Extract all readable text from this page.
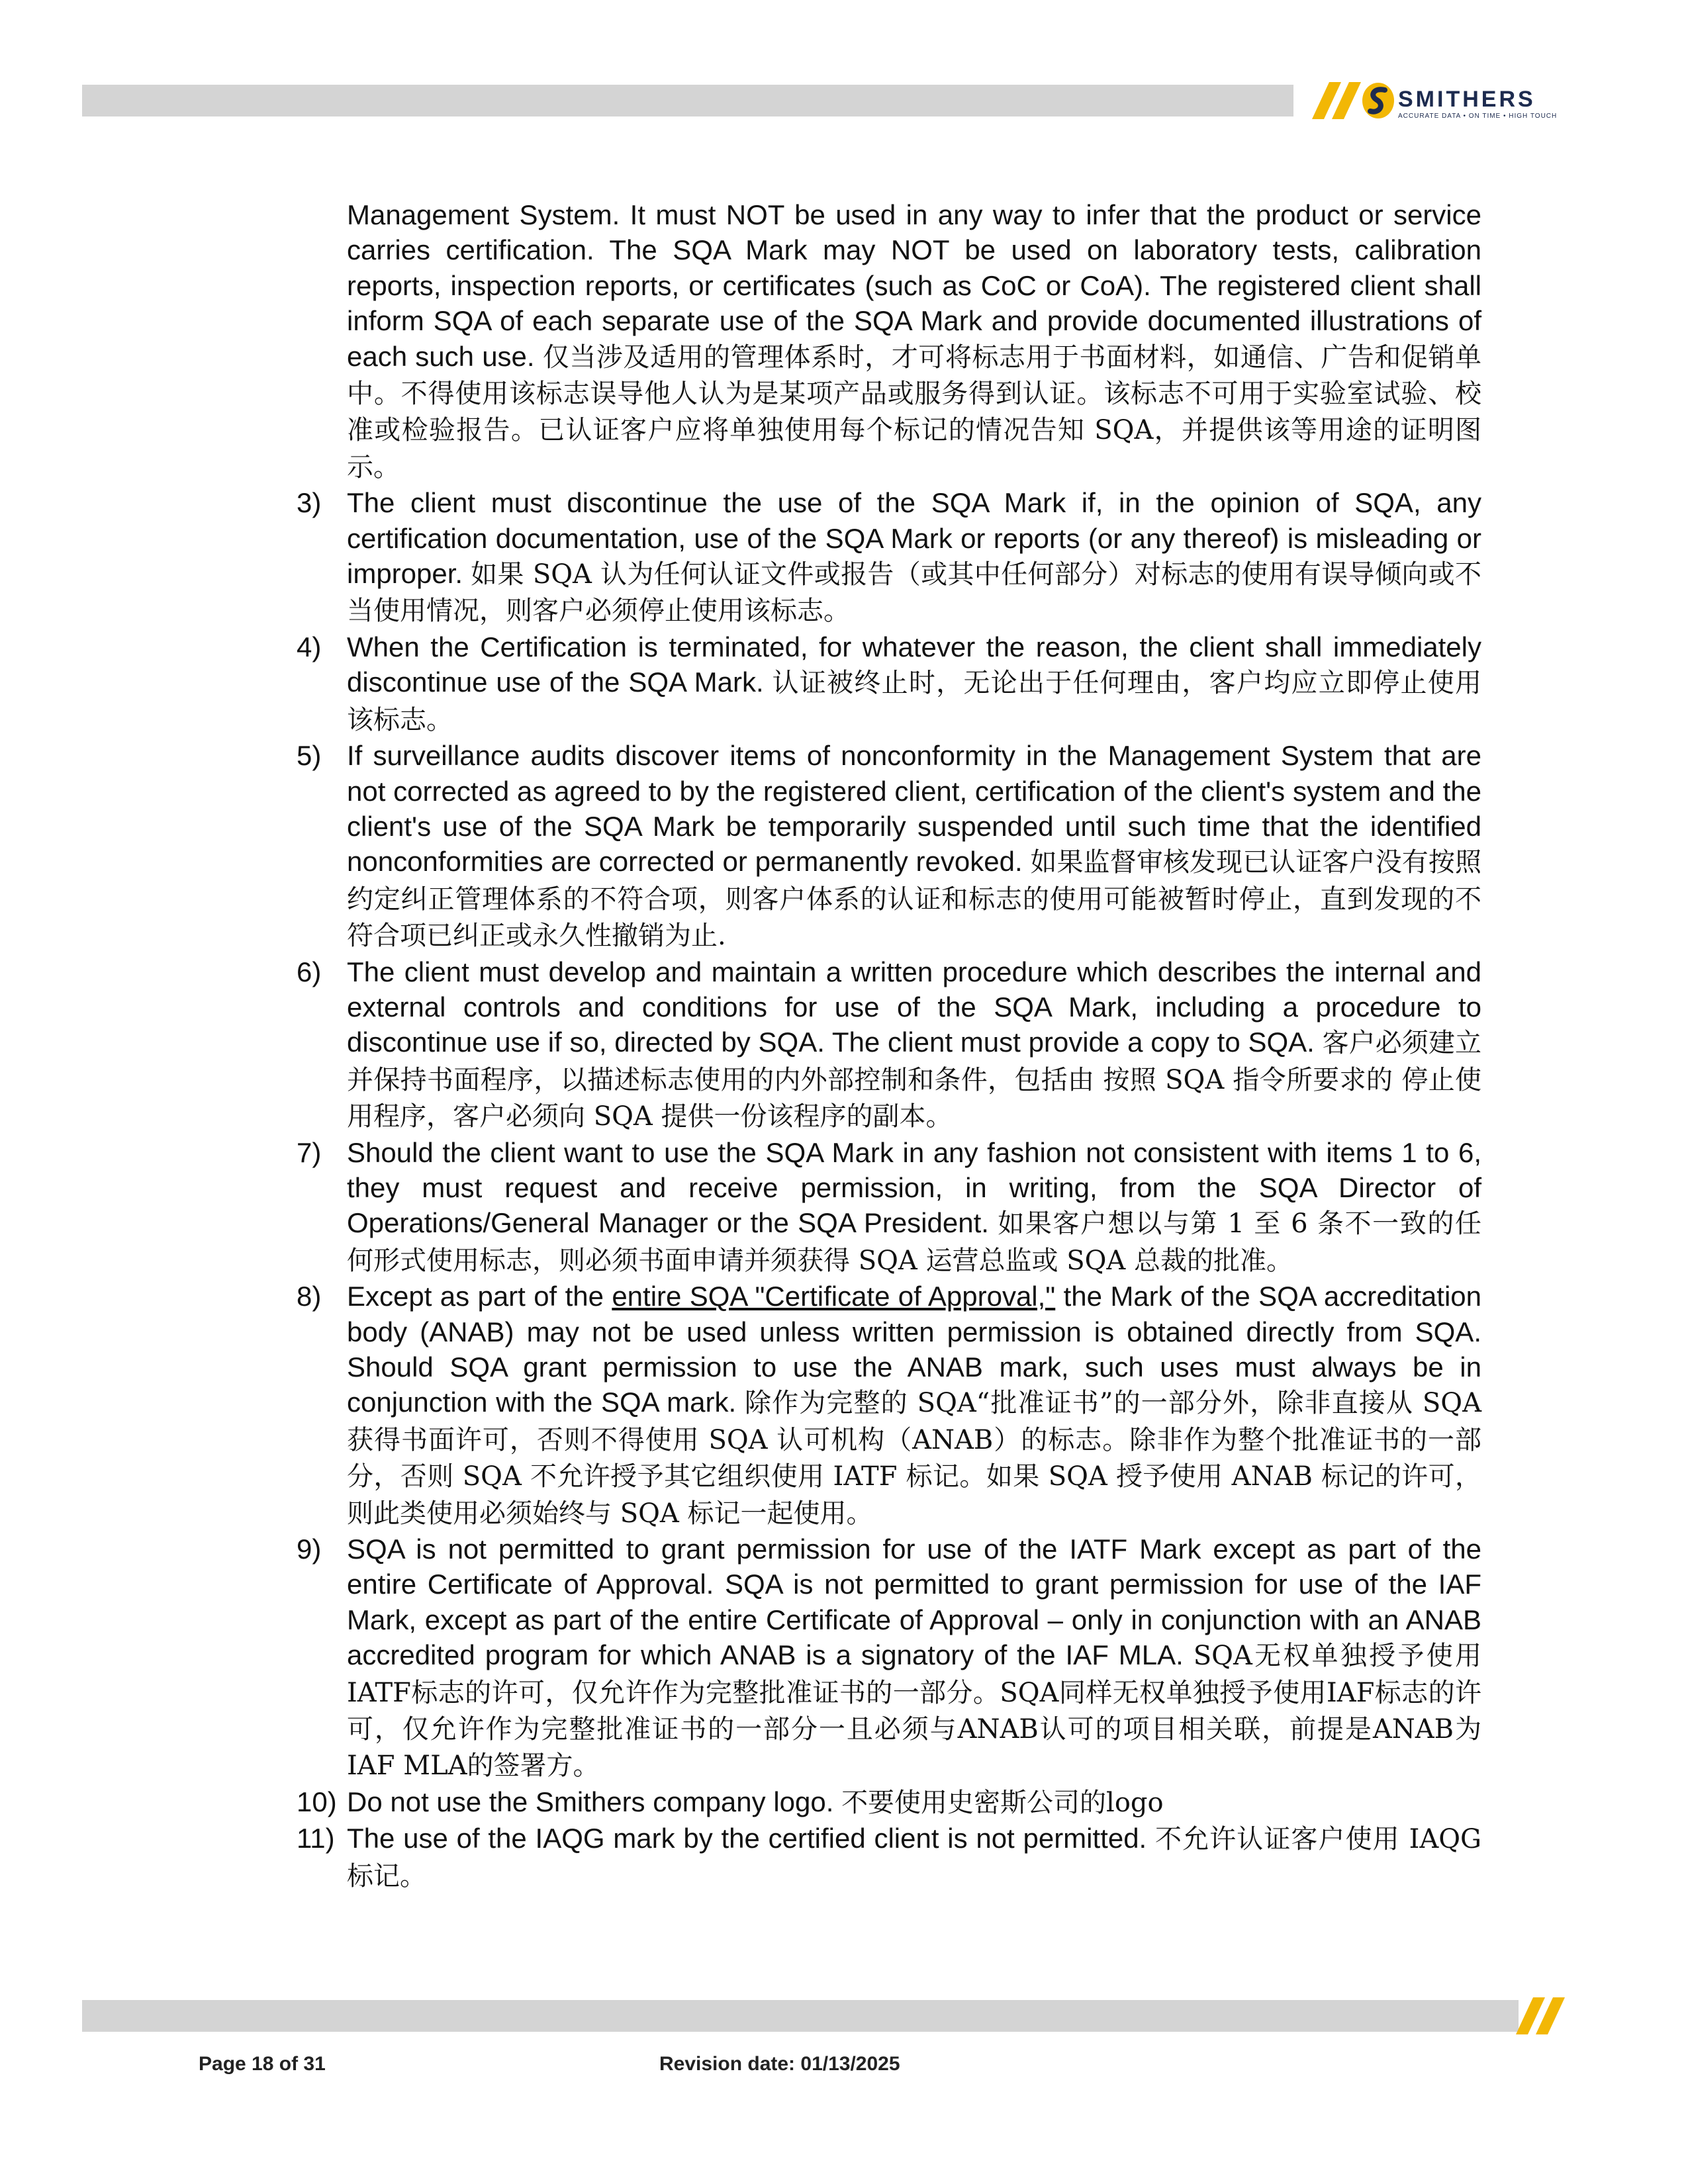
SMITHERS
ACCURATE DATA • ON TIME • HIGH TOUCH

Management System. It must NOT be used in any way to infer that the product or service carries certification. The SQA Mark may NOT be used on laboratory tests, calibration reports, inspection reports, or certificates (such as CoC or CoA). The registered client shall inform SQA of each separate use of the SQA Mark and provide documented illustrations of each such use. 仅当涉及适用的管理体系时，才可将标志用于书面材料，如通信、广告和促销单中。不得使用该标志误导他人认为是某项产品或服务得到认证。该标志不可用于实验室试验、校准或检验报告。已认证客户应将单独使用每个标记的情况告知 SQA，并提供该等用途的证明图示。

3) The client must discontinue the use of the SQA Mark if, in the opinion of SQA, any certification documentation, use of the SQA Mark or reports (or any thereof) is misleading or improper. 如果 SQA 认为任何认证文件或报告（或其中任何部分）对标志的使用有误导倾向或不当使用情况，则客户必须停止使用该标志。
4) When the Certification is terminated, for whatever the reason, the client shall immediately discontinue use of the SQA Mark. 认证被终止时，无论出于任何理由，客户均应立即停止使用该标志。
5) If surveillance audits discover items of nonconformity in the Management System that are not corrected as agreed to by the registered client, certification of the client's system and the client's use of the SQA Mark be temporarily suspended until such time that the identified nonconformities are corrected or permanently revoked. 如果监督审核发现已认证客户没有按照约定纠正管理体系的不符合项，则客户体系的认证和标志的使用可能被暂时停止，直到发现的不符合项已纠正或永久性撤销为止.
6) The client must develop and maintain a written procedure which describes the internal and external controls and conditions for use of the SQA Mark, including a procedure to discontinue use if so, directed by SQA. The client must provide a copy to SQA. 客户必须建立并保持书面程序，以描述标志使用的内外部控制和条件，包括由 按照 SQA 指令所要求的 停止使用程序，客户必须向 SQA 提供一份该程序的副本。
7) Should the client want to use the SQA Mark in any fashion not consistent with items 1 to 6, they must request and receive permission, in writing, from the SQA Director of Operations/General Manager or the SQA President. 如果客户想以与第 1 至 6 条不一致的任何形式使用标志，则必须书面申请并须获得 SQA 运营总监或 SQA 总裁的批准。
8) Except as part of the entire SQA "Certificate of Approval," the Mark of the SQA accreditation body (ANAB) may not be used unless written permission is obtained directly from SQA. Should SQA grant permission to use the ANAB mark, such uses must always be in conjunction with the SQA mark. 除作为完整的 SQA“批准证书”的一部分外，除非直接从 SQA 获得书面许可，否则不得使用 SQA 认可机构（ANAB）的标志。除非作为整个批准证书的一部分，否则 SQA 不允许授予其它组织使用 IATF 标记。如果 SQA 授予使用 ANAB 标记的许可，则此类使用必须始终与 SQA 标记一起使用。
9) SQA is not permitted to grant permission for use of the IATF Mark except as part of the entire Certificate of Approval. SQA is not permitted to grant permission for use of the IAF Mark, except as part of the entire Certificate of Approval – only in conjunction with an ANAB accredited program for which ANAB is a signatory of the IAF MLA. SQA无权单独授予使用IATF标志的许可，仅允许作为完整批准证书的一部分。SQA同样无权单独授予使用IAF标志的许可，仅允许作为完整批准证书的一部分一且必须与ANAB认可的项目相关联，前提是ANAB为IAF MLA的签署方。
10) Do not use the Smithers company logo. 不要使用史密斯公司的logo
11) The use of the IAQG mark by the certified client is not permitted. 不允许认证客户使用 IAQG 标记。
Page 18 of 31	Revision date: 01/13/2025
